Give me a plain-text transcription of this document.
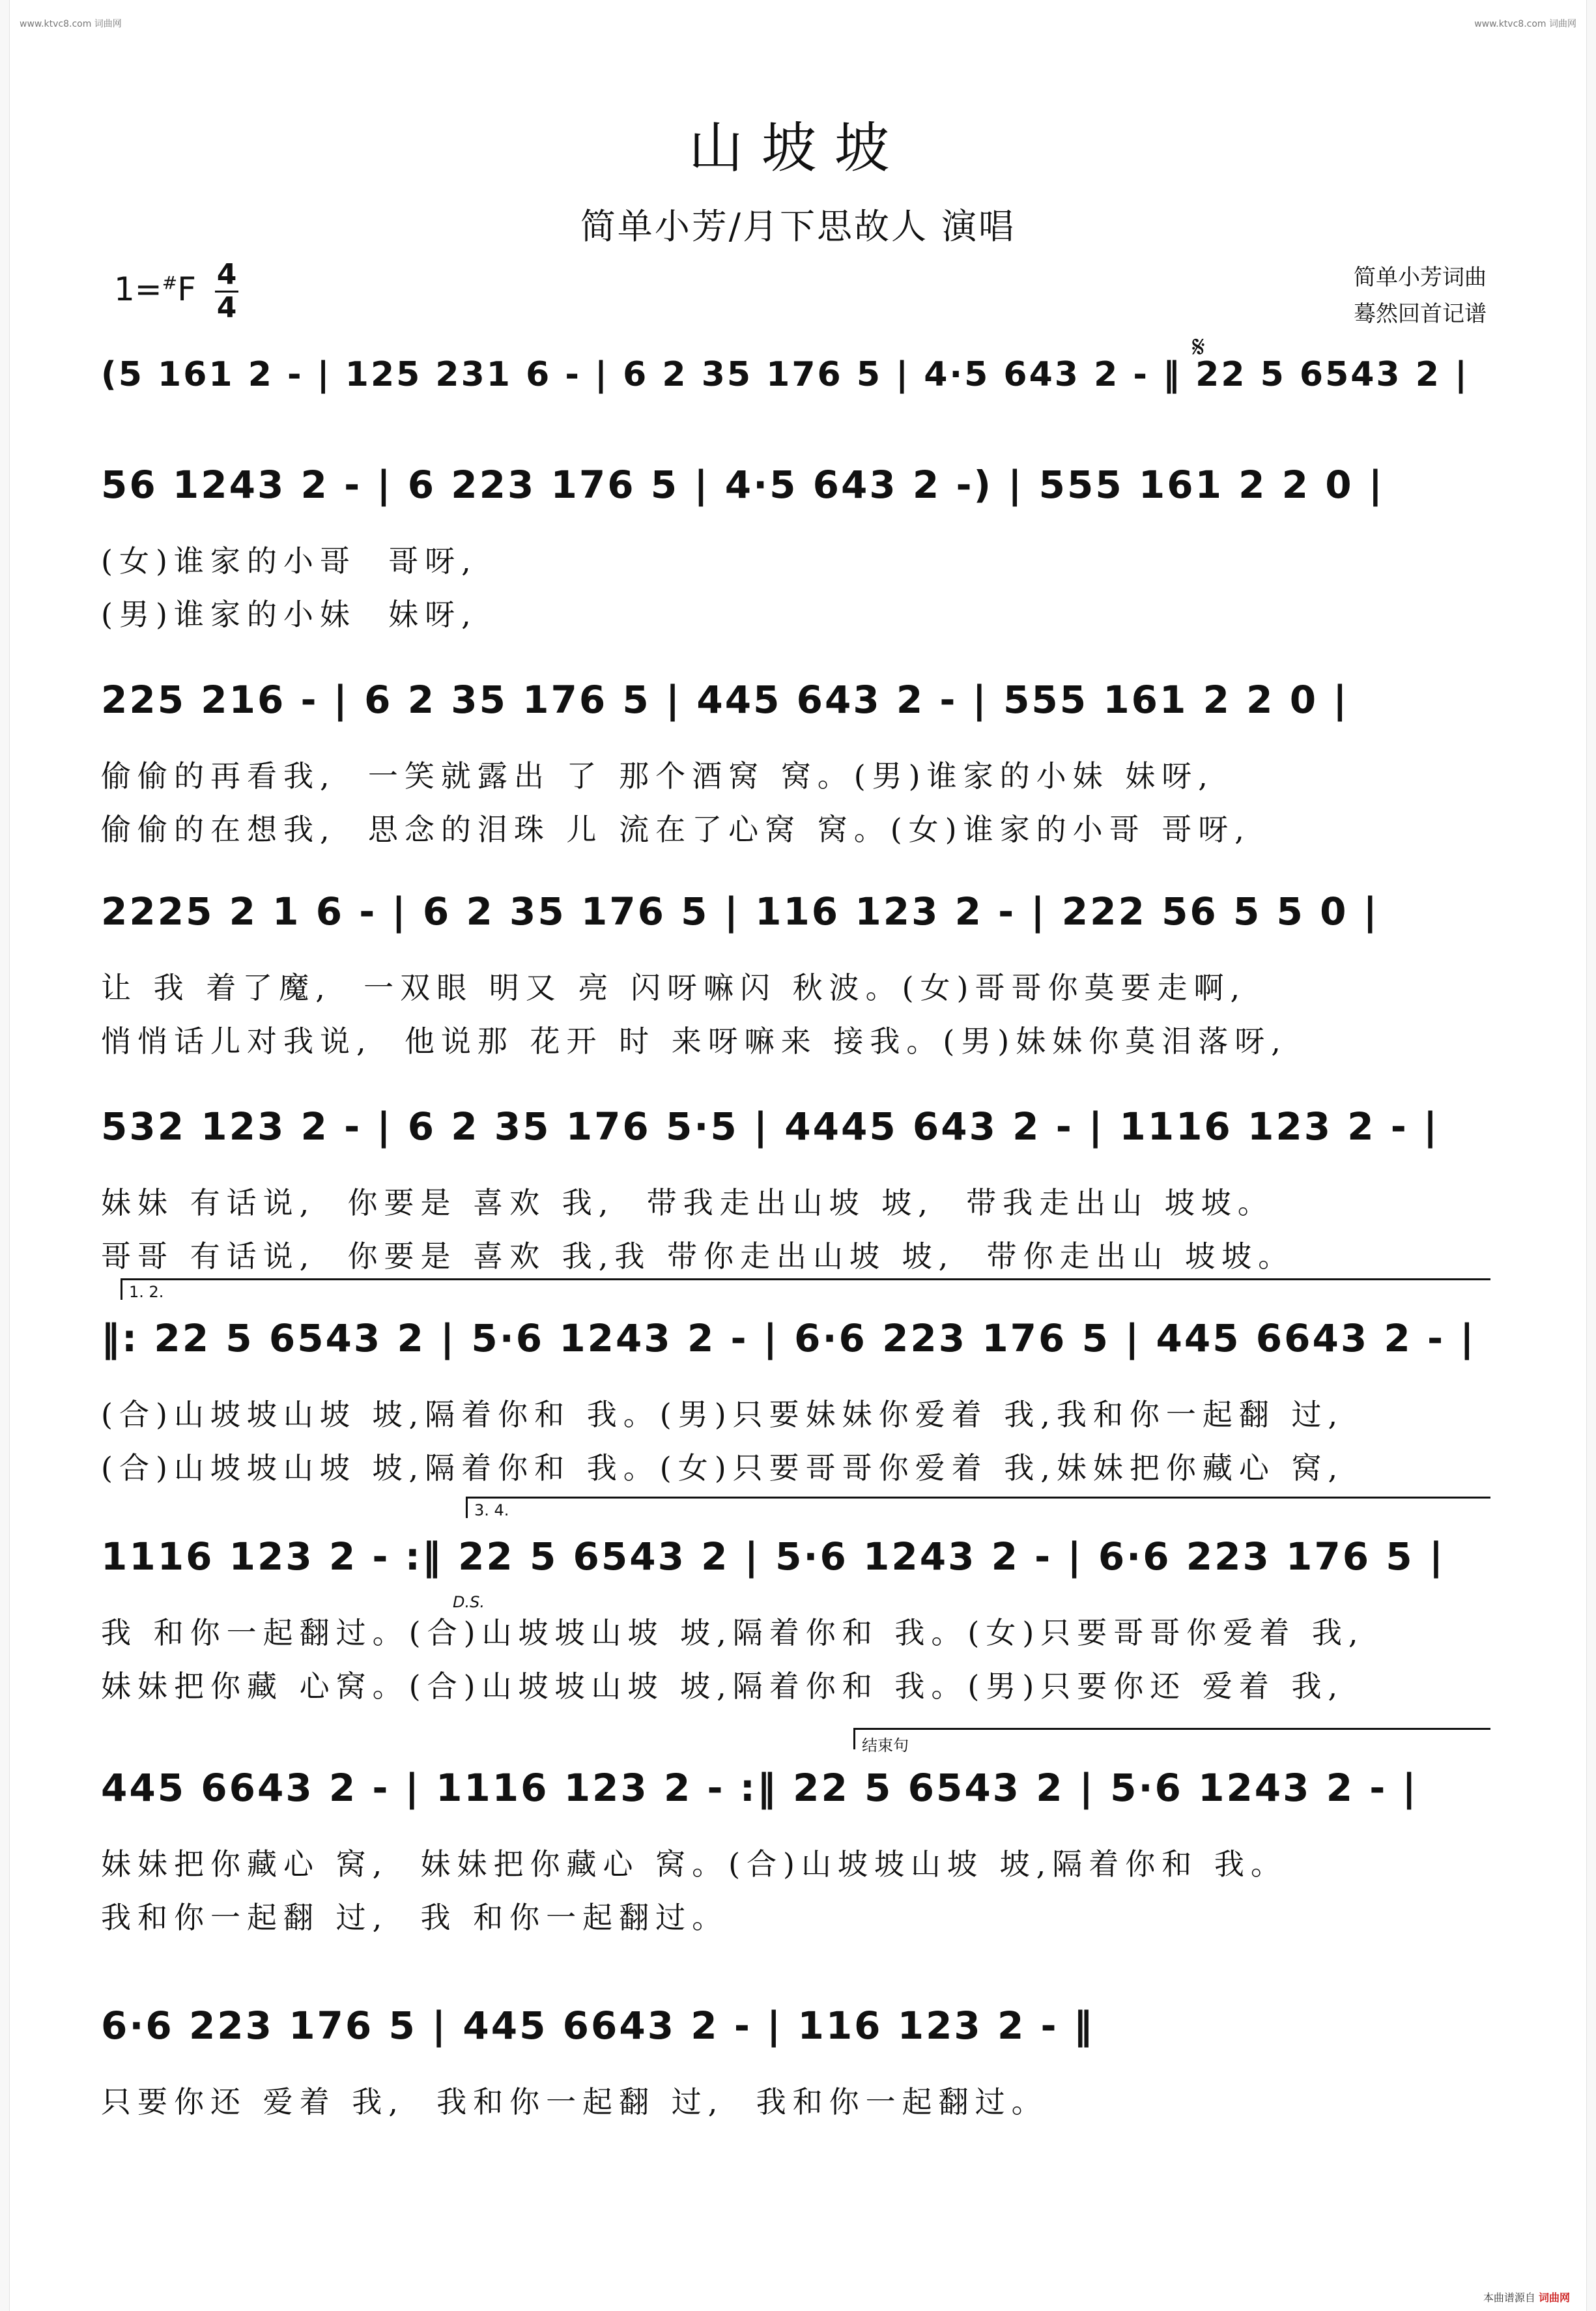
www.ktvc8.com 词曲网	www.ktvc8.com 词曲网
山坡坡
简单小芳/月下思故人 演唱
1=#F 4
4
简单小芳词曲
蓦然回首记谱
𝄋
(5 161 2 - | 125 231 6 - | 6 2 35 176 5 | 4·5 643 2 - ‖ 22 5 6543 2 |
56 1243 2 - | 6 223 176 5 | 4·5 643 2 -) | 555 161 2 2 0 |
(女)谁家的小哥  哥呀,
(男)谁家的小妹  妹呀,
225 216 - | 6 2 35 176 5 | 445 643 2 - | 555 161 2 2 0 |
偷偷的再看我,  一笑就露出 了 那个酒窝 窝。(男)谁家的小妹 妹呀,
偷偷的在想我,  思念的泪珠 儿 流在了心窝 窝。(女)谁家的小哥 哥呀,
2225 2 1 6 - | 6 2 35 176 5 | 116 123 2 - | 222 56 5 5 0 |
让 我 着了魔,  一双眼 明又 亮 闪呀嘛闪 秋波。(女)哥哥你莫要走啊,
悄悄话儿对我说,  他说那 花开 时 来呀嘛来 接我。(男)妹妹你莫泪落呀,
532 123 2 - | 6 2 35 176 5·5 | 4445 643 2 - | 1116 123 2 - |
妹妹 有话说,  你要是 喜欢 我,  带我走出山坡 坡,  带我走出山 坡坡。
哥哥 有话说,  你要是 喜欢 我,我 带你走出山坡 坡,  带你走出山 坡坡。
1. 2.
‖: 22 5 6543 2 | 5·6 1243 2 - | 6·6 223 176 5 | 445 6643 2 - |
(合)山坡坡山坡 坡,隔着你和 我。(男)只要妹妹你爱着 我,我和你一起翻 过,
(合)山坡坡山坡 坡,隔着你和 我。(女)只要哥哥你爱着 我,妹妹把你藏心 窝,
3. 4.
D.S.
1116 123 2 - :‖ 22 5 6543 2 | 5·6 1243 2 - | 6·6 223 176 5 |
我 和你一起翻过。(合)山坡坡山坡 坡,隔着你和 我。(女)只要哥哥你爱着 我,
妹妹把你藏 心窝。(合)山坡坡山坡 坡,隔着你和 我。(男)只要你还 爱着 我,
结束句
445 6643 2 - | 1116 123 2 - :‖ 22 5 6543 2 | 5·6 1243 2 - |
妹妹把你藏心 窝,  妹妹把你藏心 窝。(合)山坡坡山坡 坡,隔着你和 我。
我和你一起翻 过,  我 和你一起翻过。
6·6 223 176 5 | 445 6643 2 - | 116 123 2 - ‖
只要你还 爱着 我,  我和你一起翻 过,  我和你一起翻过。
本曲谱源自 词曲网
